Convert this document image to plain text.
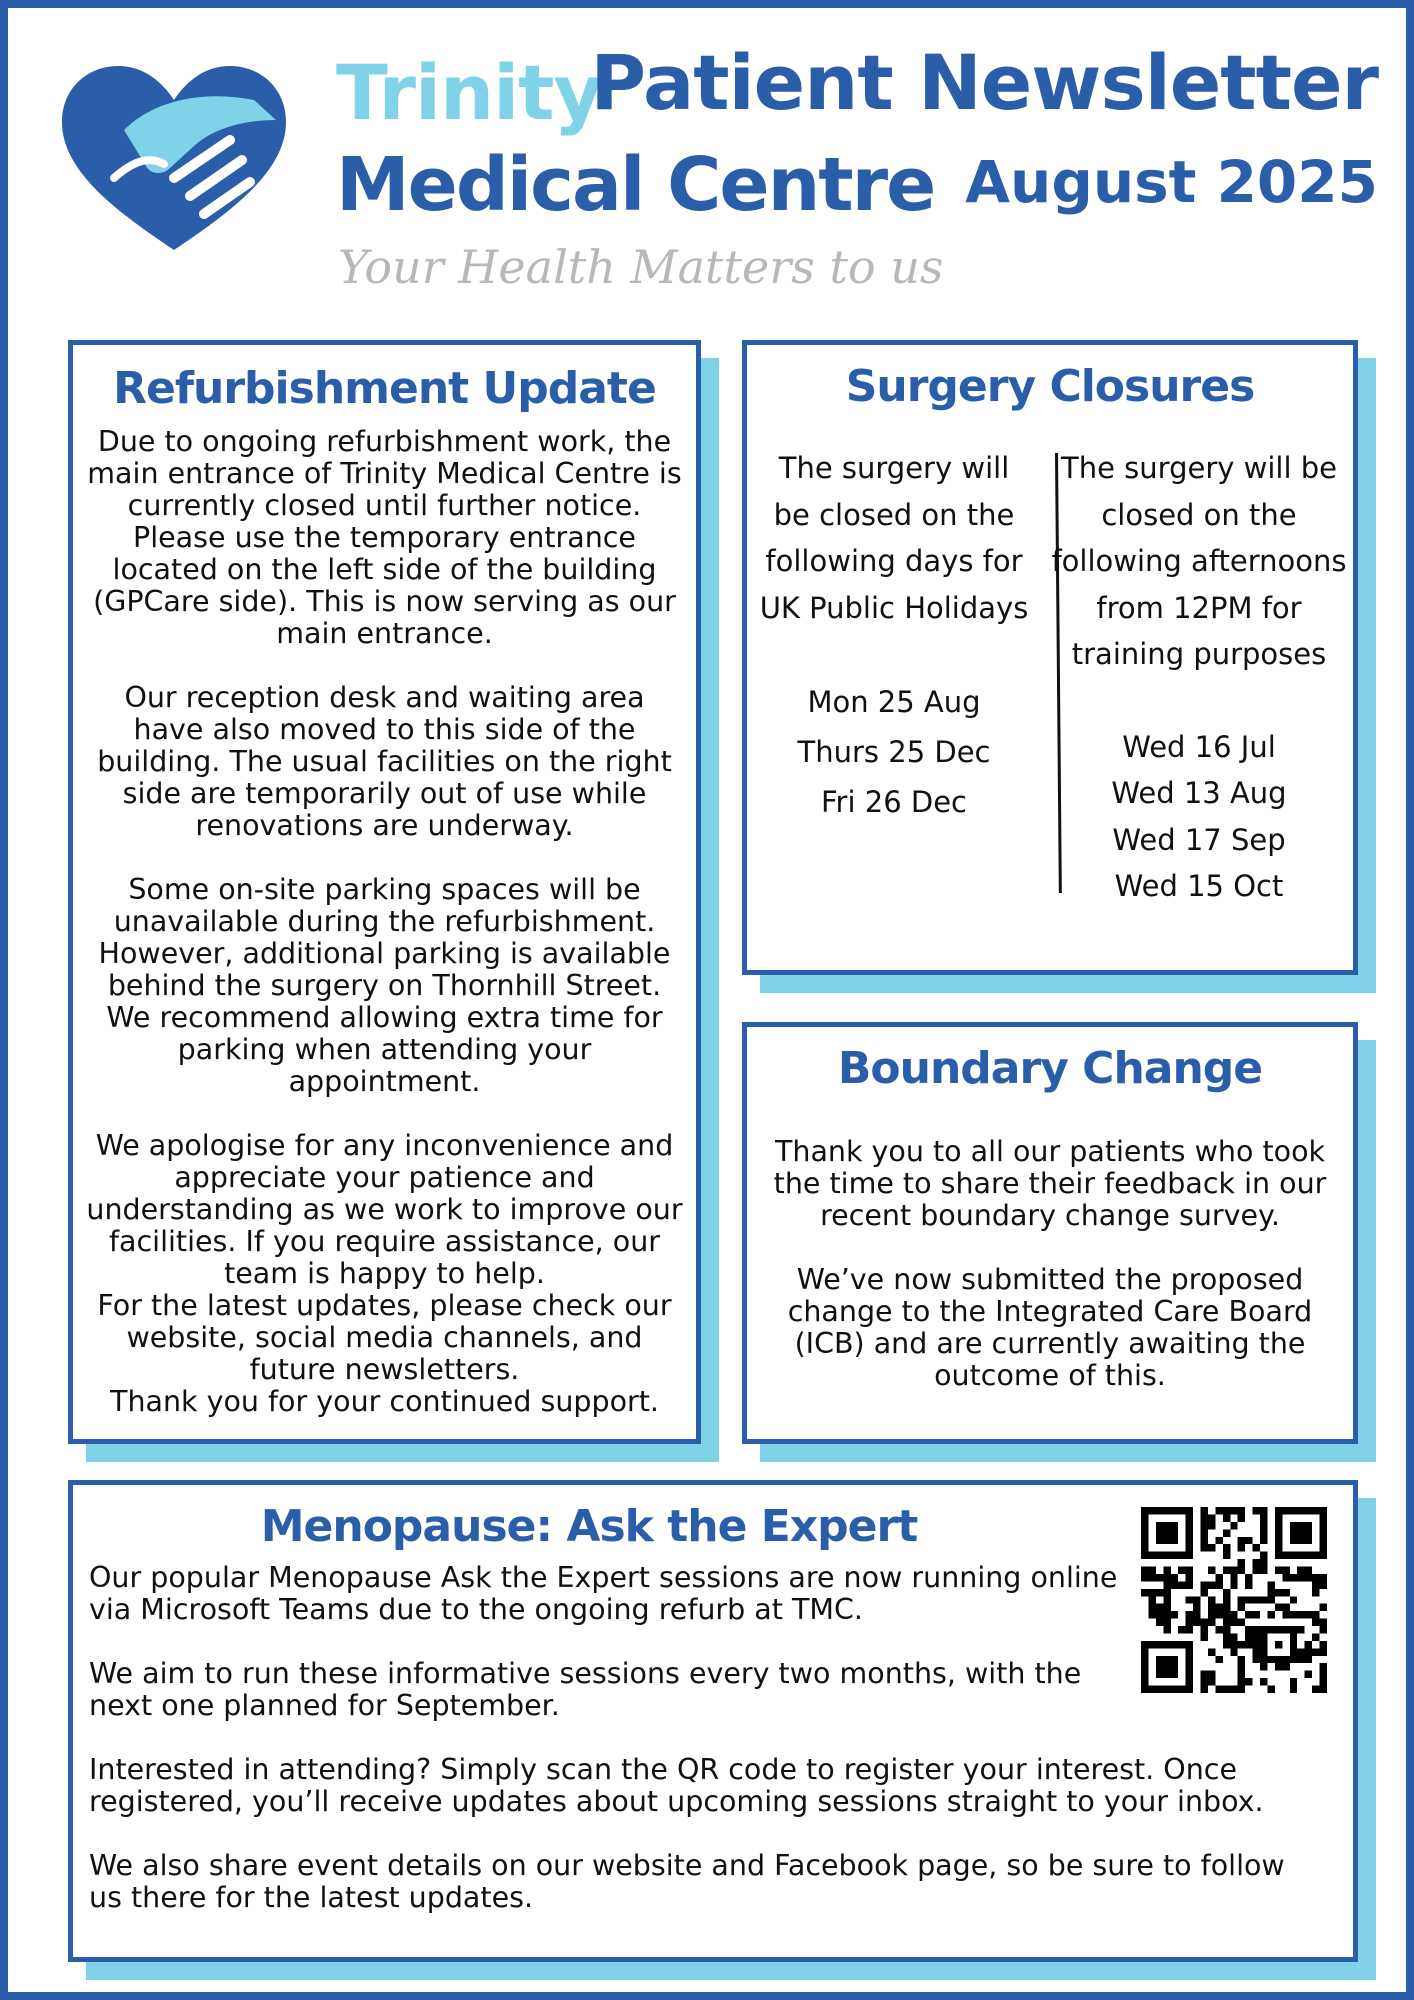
Trinity
Medical Centre
Your Health Matters to us
Patient Newsletter
August 2025
Refurbishment Update

Due to ongoing refurbishment work, the main entrance of Trinity Medical Centre is currently closed until further notice. Please use the temporary entrance located on the left side of the building (GPCare side). This is now serving as our main entrance.

Our reception desk and waiting area have also moved to this side of the building. The usual facilities on the right side are temporarily out of use while renovations are underway.

Some on-site parking spaces will be unavailable during the refurbishment. However, additional parking is available behind the surgery on Thornhill Street. We recommend allowing extra time for parking when attending your appointment.

We apologise for any inconvenience and appreciate your patience and understanding as we work to improve our facilities. If you require assistance, our team is happy to help.

For the latest updates, please check our website, social media channels, and future newsletters.

Thank you for your continued support.

Surgery Closures
The surgery will be closed on the following days for UK Public Holidays
Mon 25 Aug
Thurs 25 Dec
Fri 26 Dec
The surgery will be closed on the following afternoons from 12PM for training purposes
Wed 16 Jul
Wed 13 Aug
Wed 17 Sep
Wed 15 Oct
Boundary Change

Thank you to all our patients who took the time to share their feedback in our recent boundary change survey.

We’ve now submitted the proposed change to the Integrated Care Board (ICB) and are currently awaiting the outcome of this.

Menopause: Ask the Expert

Our popular Menopause Ask the Expert sessions are now running online via Microsoft Teams due to the ongoing refurb at TMC.

We aim to run these informative sessions every two months, with the next one planned for September.

Interested in attending? Simply scan the QR code to register your interest. Once registered, you’ll receive updates about upcoming sessions straight to your inbox.

We also share event details on our website and Facebook page, so be sure to follow us there for the latest updates.
